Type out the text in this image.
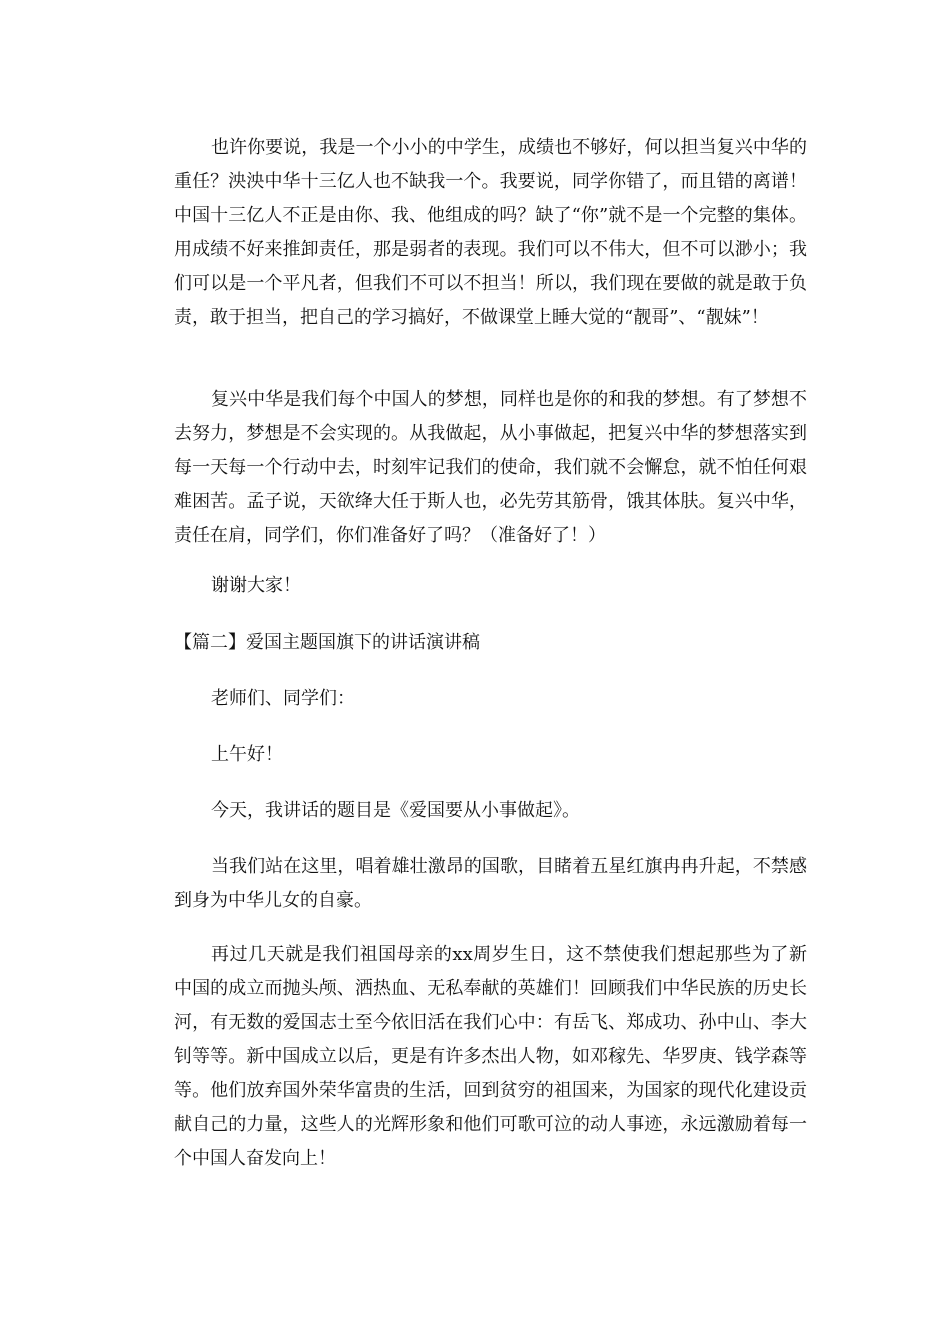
也许你要说，我是一个小小的中学生，成绩也不够好，何以担当复兴中华的重任？泱泱中华十三亿人也不缺我一个。我要说，同学你错了，而且错的离谱！中国十三亿人不正是由你、我、他组成的吗？缺了“你”就不是一个完整的集体。用成绩不好来推卸责任，那是弱者的表现。我们可以不伟大，但不可以渺小；我们可以是一个平凡者，但我们不可以不担当！所以，我们现在要做的就是敢于负责，敢于担当，把自己的学习搞好，不做课堂上睡大觉的“靓哥”、“靓妹”！

复兴中华是我们每个中国人的梦想，同样也是你的和我的梦想。有了梦想不去努力，梦想是不会实现的。从我做起，从小事做起，把复兴中华的梦想落实到每一天每一个行动中去，时刻牢记我们的使命，我们就不会懈怠，就不怕任何艰难困苦。孟子说，天欲绛大任于斯人也，必先劳其筋骨，饿其体肤。复兴中华，责任在肩，同学们，你们准备好了吗？（准备好了！）

谢谢大家！

【篇二】爱国主题国旗下的讲话演讲稿

老师们、同学们：

上午好！

今天，我讲话的题目是《爱国要从小事做起》。

当我们站在这里，唱着雄壮激昂的国歌，目睹着五星红旗冉冉升起，不禁感到身为中华儿女的自豪。

再过几天就是我们祖国母亲的xx周岁生日，这不禁使我们想起那些为了新中国的成立而抛头颅、洒热血、无私奉献的英雄们！回顾我们中华民族的历史长河，有无数的爱国志士至今依旧活在我们心中：有岳飞、郑成功、孙中山、李大钊等等。新中国成立以后，更是有许多杰出人物，如邓稼先、华罗庚、钱学森等等。他们放弃国外荣华富贵的生活，回到贫穷的祖国来，为国家的现代化建设贡献自己的力量，这些人的光辉形象和他们可歌可泣的动人事迹，永远激励着每一个中国人奋发向上！
